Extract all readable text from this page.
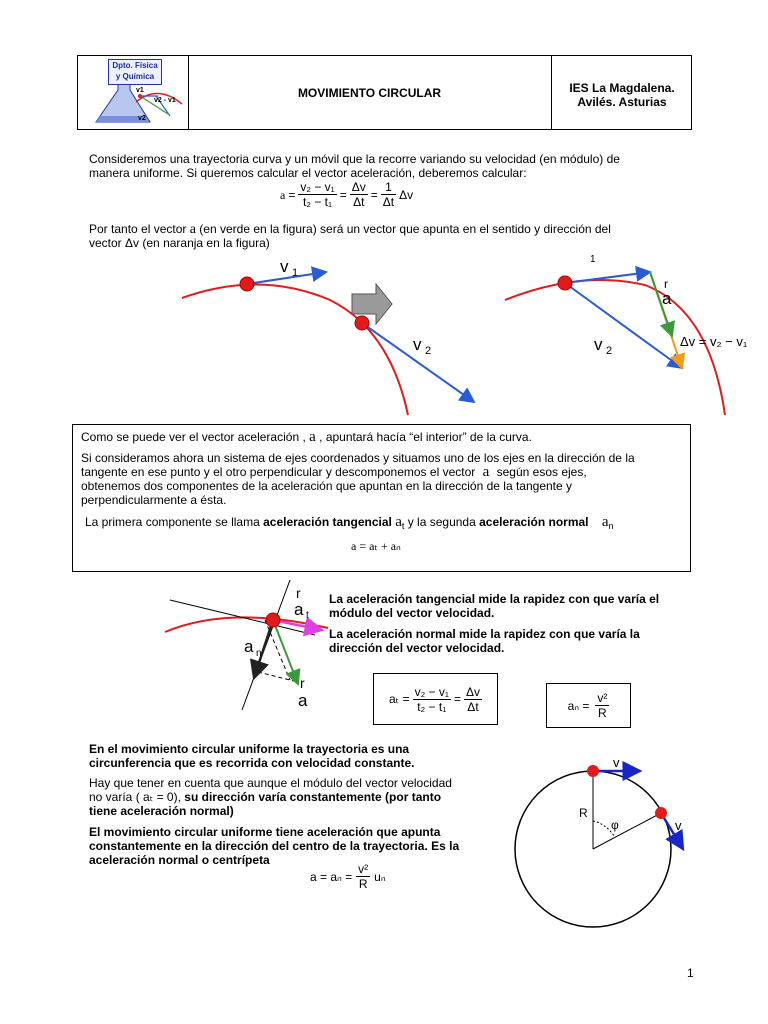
v1
v2 - v1
v2
Dpto. Física
y Química
MOVIMIENTO CIRCULAR	IES La Magdalena.
Avilés. Asturias
Consideremos una trayectoria curva y un móvil que la recorre variando su velocidad (en módulo) de
manera uniforme. Si queremos calcular el vector aceleración, deberemos calcular:
$a = \frac{\text{v₂ − v₁}}{\text{t₂ − t₁}} = \frac{\Delta v}{\Delta t} = \frac{1}{\Delta t}$ Δv
Por tanto el vector a (en verde en la figura) será un vector que apunta en el sentido y dirección del
vector Δv (en naranja en la figura)
v 1
v 2
1
r
a
Δv = v₂ − v₁
v 2
Como se puede ver el vector aceleración , a , apuntará hacía “el interior” de la curva.
Si consideramos ahora un sistema de ejes coordenados y situamos uno de los ejes en la dirección de la
tangente en ese punto y el otro perpendicular y descomponemos el vector a según esos ejes,
obtenemos dos componentes de la aceleración que apuntan en la dirección de la tangente y
perpendicularmente a ésta.
La primera componente se llama aceleración tangencial $a_t$ y la segunda aceleración normal $a_n$
a = aₜ + aₙ
r
a t
a n
r
a
La aceleración tangencial mide la rapidez con que varía el
módulo del vector velocidad.
La aceleración normal mide la rapidez con que varía la
dirección del vector velocidad.
$a_t = \frac{\text{v₂ − v₁}}{\text{t₂ − t₁}} = \frac{\Delta v}{\Delta t}$	$a_n = \frac{\text{v²}}{R}$
En el movimiento circular uniforme la trayectoria es una
circunferencia que es recorrida con velocidad constante.
Hay que tener en cuenta que aunque el módulo del vector velocidad
no varía ( aₜ = 0), su dirección varía constantemente (por tanto
tiene aceleración normal)
El movimiento circular uniforme tiene aceleración que apunta
constantemente en la dirección del centro de la trayectoria. Es la
aceleración normal o centrípeta
$a = a_n = \frac{\text{v²}}{R}$ uₙ
v
v
R
φ
1
